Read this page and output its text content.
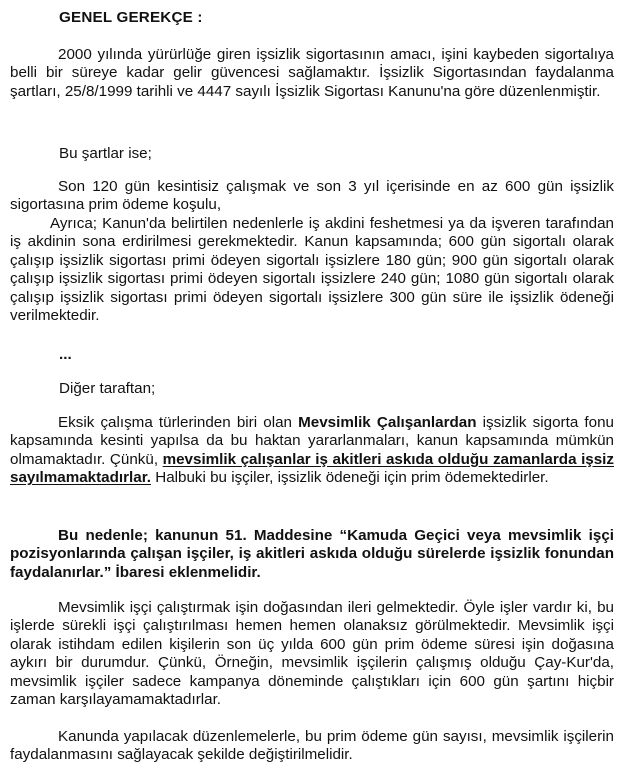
GENEL GEREKÇE :
2000 yılında yürürlüğe giren işsizlik sigortasının amacı, işini kaybeden sigortalıya belli bir süreye kadar gelir güvencesi sağlamaktır. İşsizlik Sigortasından faydalanma şartları, 25/8/1999 tarihli ve 4447 sayılı İşsizlik Sigortası Kanunu'na göre düzenlenmiştir.
Bu şartlar ise;
Son 120 gün kesintisiz çalışmak ve son 3 yıl içerisinde en az 600 gün işsizlik sigortasına prim ödeme koşulu,
Ayrıca; Kanun'da belirtilen nedenlerle iş akdini feshetmesi ya da işveren tarafından iş akdinin sona erdirilmesi gerekmektedir. Kanun kapsamında; 600 gün sigortalı olarak çalışıp işsizlik sigortası primi ödeyen sigortalı işsizlere 180 gün; 900 gün sigortalı olarak çalışıp işsizlik sigortası primi ödeyen sigortalı işsizlere 240 gün; 1080 gün sigortalı olarak çalışıp işsizlik sigortası primi ödeyen sigortalı işsizlere 300 gün süre ile işsizlik ödeneği verilmektedir.
...
Diğer taraftan;
Eksik çalışma türlerinden biri olan Mevsimlik Çalışanlardan işsizlik sigorta fonu kapsamında kesinti yapılsa da bu haktan yararlanmaları, kanun kapsamında mümkün olmamaktadır. Çünkü, mevsimlik çalışanlar iş akitleri askıda olduğu zamanlarda işsiz sayılmamaktadırlar. Halbuki bu işçiler, işsizlik ödeneği için prim ödemektedirler.
Bu nedenle; kanunun 51. Maddesine “Kamuda Geçici veya mevsimlik işçi pozisyonlarında çalışan işçiler, iş akitleri askıda olduğu sürelerde işsizlik fonundan faydalanırlar.” İbaresi eklenmelidir.
Mevsimlik işçi çalıştırmak işin doğasından ileri gelmektedir. Öyle işler vardır ki, bu işlerde sürekli işçi çalıştırılması hemen hemen olanaksız görülmektedir. Mevsimlik işçi olarak istihdam edilen kişilerin son üç yılda 600 gün prim ödeme süresi işin doğasına aykırı bir durumdur. Çünkü, Örneğin, mevsimlik işçilerin çalışmış olduğu Çay-Kur'da, mevsimlik işçiler sadece kampanya döneminde çalıştıkları için 600 gün şartını hiçbir zaman karşılayamamaktadırlar.
Kanunda yapılacak düzenlemelerle, bu prim ödeme gün sayısı, mevsimlik işçilerin faydalanmasını sağlayacak şekilde değiştirilmelidir.
